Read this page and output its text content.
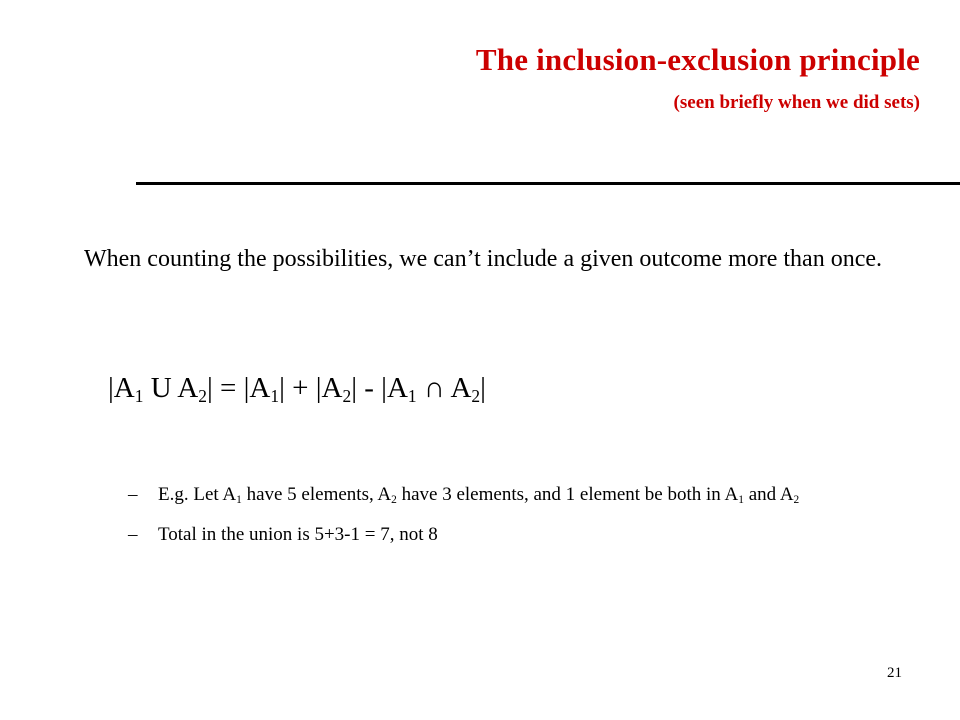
The inclusion-exclusion principle
(seen briefly when we did sets)
When counting the possibilities, we can’t include a given outcome more than once.
$|A_1$ U $A_2| = |A_1| + |A_2| - |A_1$ ∩ $A_2|$
– E.g. Let $A_1$ have 5 elements, $A_2$ have 3 elements, and 1 element be both in $A_1$ and $A_2$
– Total in the union is 5+3-1 = 7, not 8
21
